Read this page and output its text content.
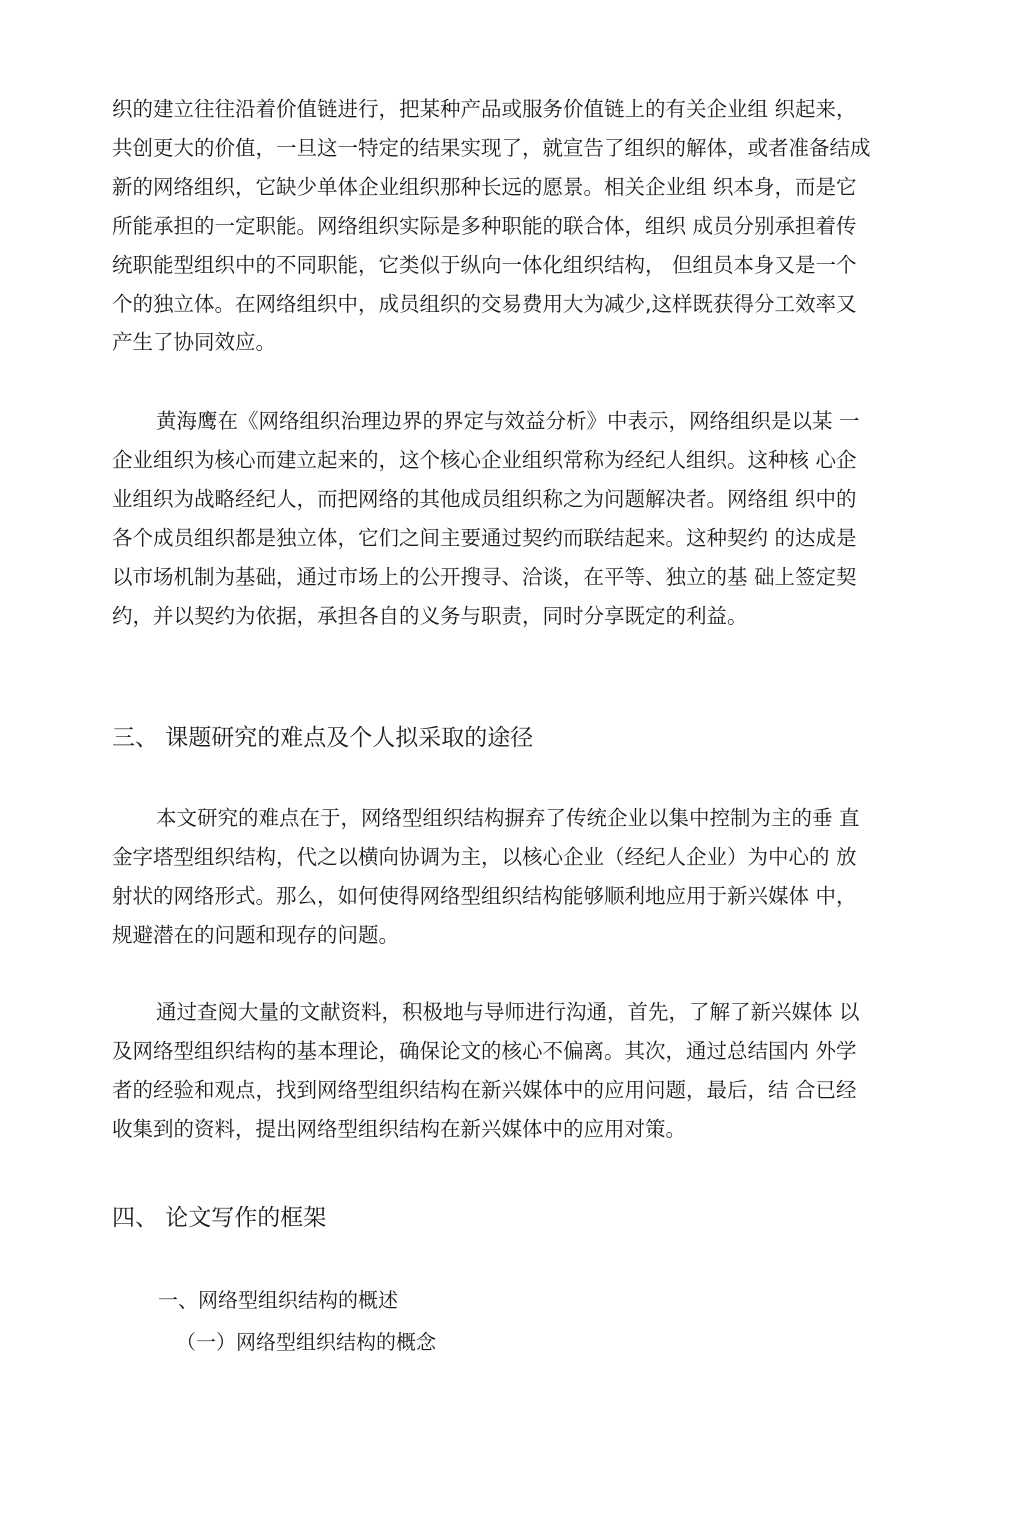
织的建立往往沿着价值链进行，把某种产品或服务价值链上的有关企业组 织起来，
共创更大的价值，一旦这一特定的结果实现了，就宣告了组织的解体，或者准备结成
新的网络组织，它缺少单体企业组织那种长远的愿景。相关企业组 织本身，而是它
所能承担的一定职能。网络组织实际是多种职能的联合体，组织 成员分别承担着传
统职能型组织中的不同职能，它类似于纵向一体化组织结构， 但组员本身又是一个
个的独立体。在网络组织中，成员组织的交易费用大为减少,这样既获得分工效率又
产生了协同效应。

黄海鹰在《网络组织治理边界的界定与效益分析》中表示，网络组织是以某 一
企业组织为核心而建立起来的，这个核心企业组织常称为经纪人组织。这种核 心企
业组织为战略经纪人，而把网络的其他成员组织称之为问题解决者。网络组 织中的
各个成员组织都是独立体，它们之间主要通过契约而联结起来。这种契约 的达成是
以市场机制为基础，通过市场上的公开搜寻、洽谈，在平等、独立的基 础上签定契
约，并以契约为依据，承担各自的义务与职责，同时分享既定的利益。

三、 课题研究的难点及个人拟采取的途径

本文研究的难点在于，网络型组织结构摒弃了传统企业以集中控制为主的垂 直
金字塔型组织结构，代之以横向协调为主，以核心企业（经纪人企业）为中心的 放
射状的网络形式。那么，如何使得网络型组织结构能够顺利地应用于新兴媒体 中，
规避潜在的问题和现存的问题。

通过查阅大量的文献资料，积极地与导师进行沟通，首先，了解了新兴媒体 以
及网络型组织结构的基本理论，确保论文的核心不偏离。其次，通过总结国内 外学
者的经验和观点，找到网络型组织结构在新兴媒体中的应用问题，最后，结 合已经
收集到的资料，提出网络型组织结构在新兴媒体中的应用对策。

四、 论文写作的框架

一、网络型组织结构的概述

（一）网络型组织结构的概念
